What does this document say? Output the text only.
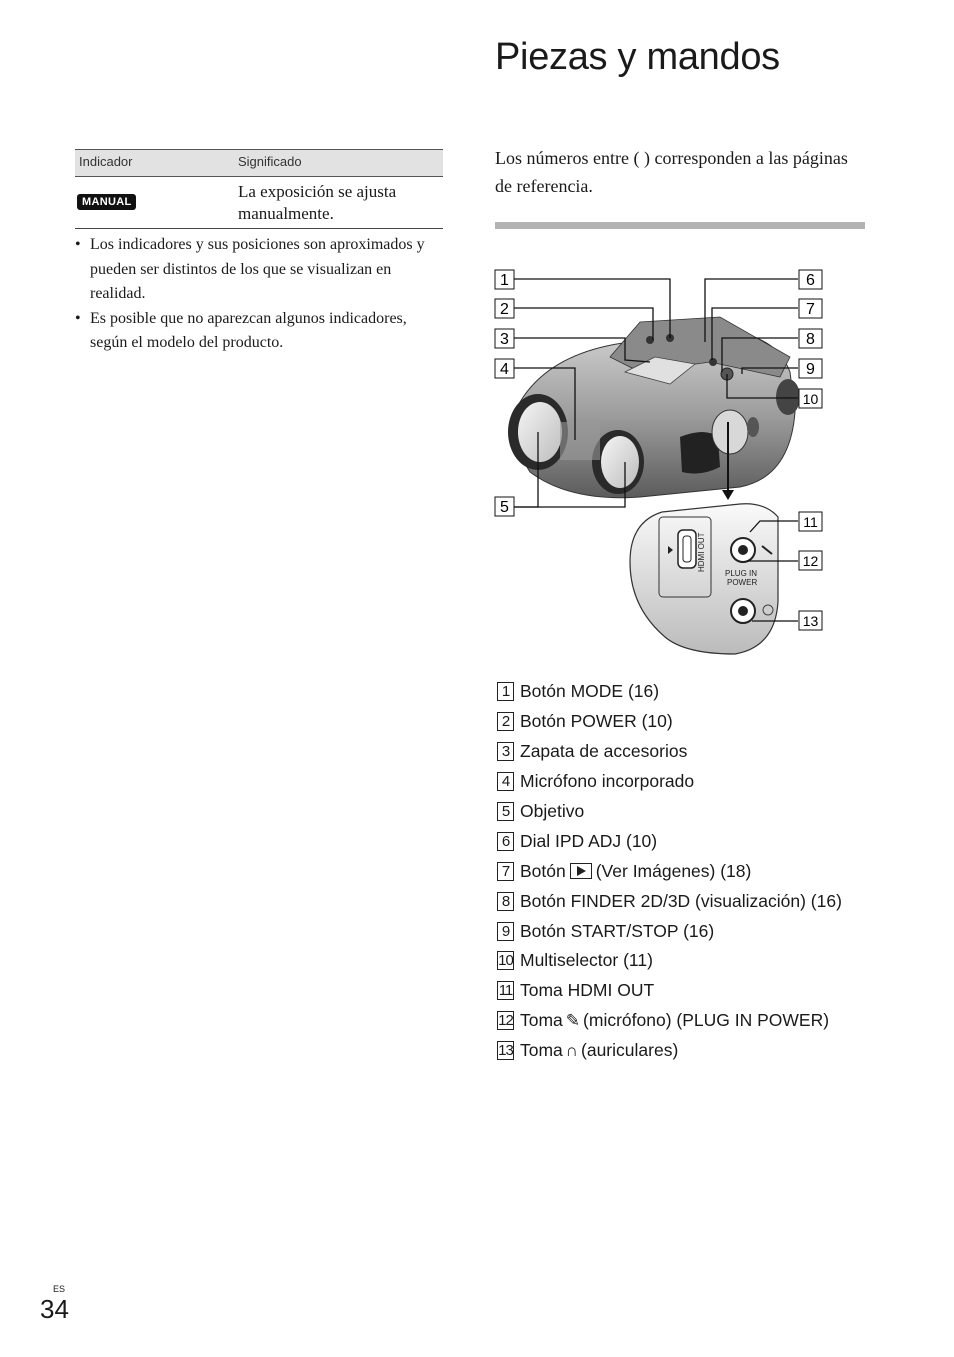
Piezas y mandos
Indicador	Significado
MANUAL
La exposición se ajusta manualmente.
• Los indicadores y sus posiciones son aproximados y pueden ser distintos de los que se visualizan en realidad.
• Es posible que no aparezcan algunos indicadores, según el modelo del producto.

Los números entre ( ) corresponden a las páginas de referencia.

HDMI OUT
PLUG IN
POWER
1
2
3
4
5
6
7
8
9
10
11
12
13
1 Botón MODE (16)
2 Botón POWER (10)
3 Zapata de accesorios
4 Micrófono incorporado
5 Objetivo
6 Dial IPD ADJ (10)
7 Botón (Ver Imágenes) (18)
8 Botón FINDER 2D/3D (visualización) (16)
9 Botón START/STOP (16)
10 Multiselector (11)
11 Toma HDMI OUT
12 Toma ✎ (micrófono) (PLUG IN POWER)
13 Toma ∩ (auriculares)
ES
34
